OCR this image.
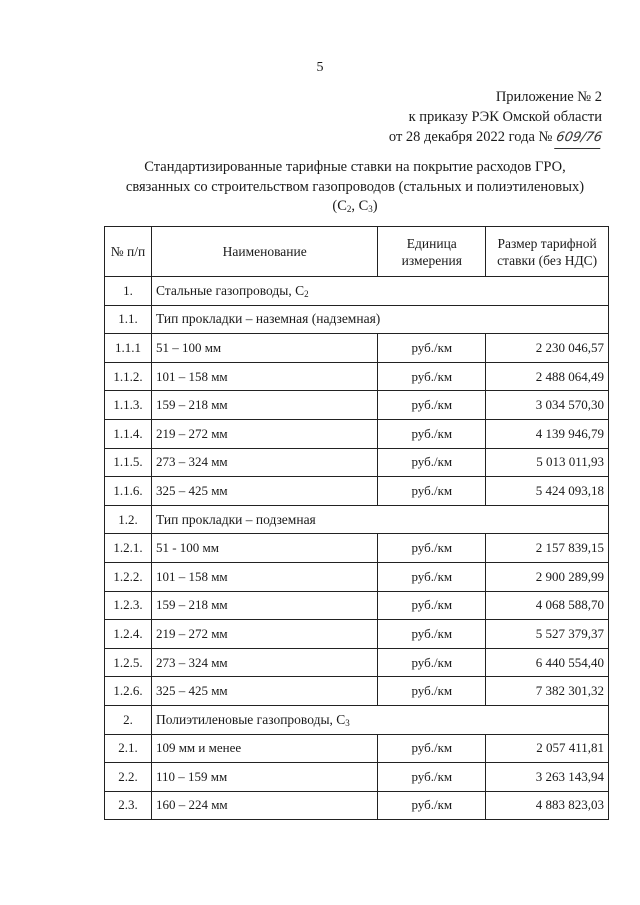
5
Приложение № 2
к приказу РЭК Омской области
от 28 декабря 2022 года № 609/76
Стандартизированные тарифные ставки на покрытие расходов ГРО,
связанных со строительством газопроводов (стальных и полиэтиленовых)
($С_2$, $С_3$)
№ п/п	Наименование	Единица измерения	Размер тарифной ставки (без НДС)
1.	Стальные газопроводы, $С_2$
1.1.	Тип прокладки – наземная (надземная)		
1.1.1	51 – 100 мм	руб./км	2 230 046,57
1.1.2.	101 – 158 мм	руб./км	2 488 064,49
1.1.3.	159 – 218 мм	руб./км	3 034 570,30
1.1.4.	219 – 272 мм	руб./км	4 139 946,79
1.1.5.	273 – 324 мм	руб./км	5 013 011,93
1.1.6.	325 – 425 мм	руб./км	5 424 093,18
1.2.	Тип прокладки – подземная		
1.2.1.	51 - 100 мм	руб./км	2 157 839,15
1.2.2.	101 – 158 мм	руб./км	2 900 289,99
1.2.3.	159 – 218 мм	руб./км	4 068 588,70
1.2.4.	219 – 272 мм	руб./км	5 527 379,37
1.2.5.	273 – 324 мм	руб./км	6 440 554,40
1.2.6.	325 – 425 мм	руб./км	7 382 301,32
2.	Полиэтиленовые газопроводы, $С_3$
2.1.	109 мм и менее	руб./км	2 057 411,81
2.2.	110 – 159 мм	руб./км	3 263 143,94
2.3.	160 – 224 мм	руб./км	4 883 823,03
